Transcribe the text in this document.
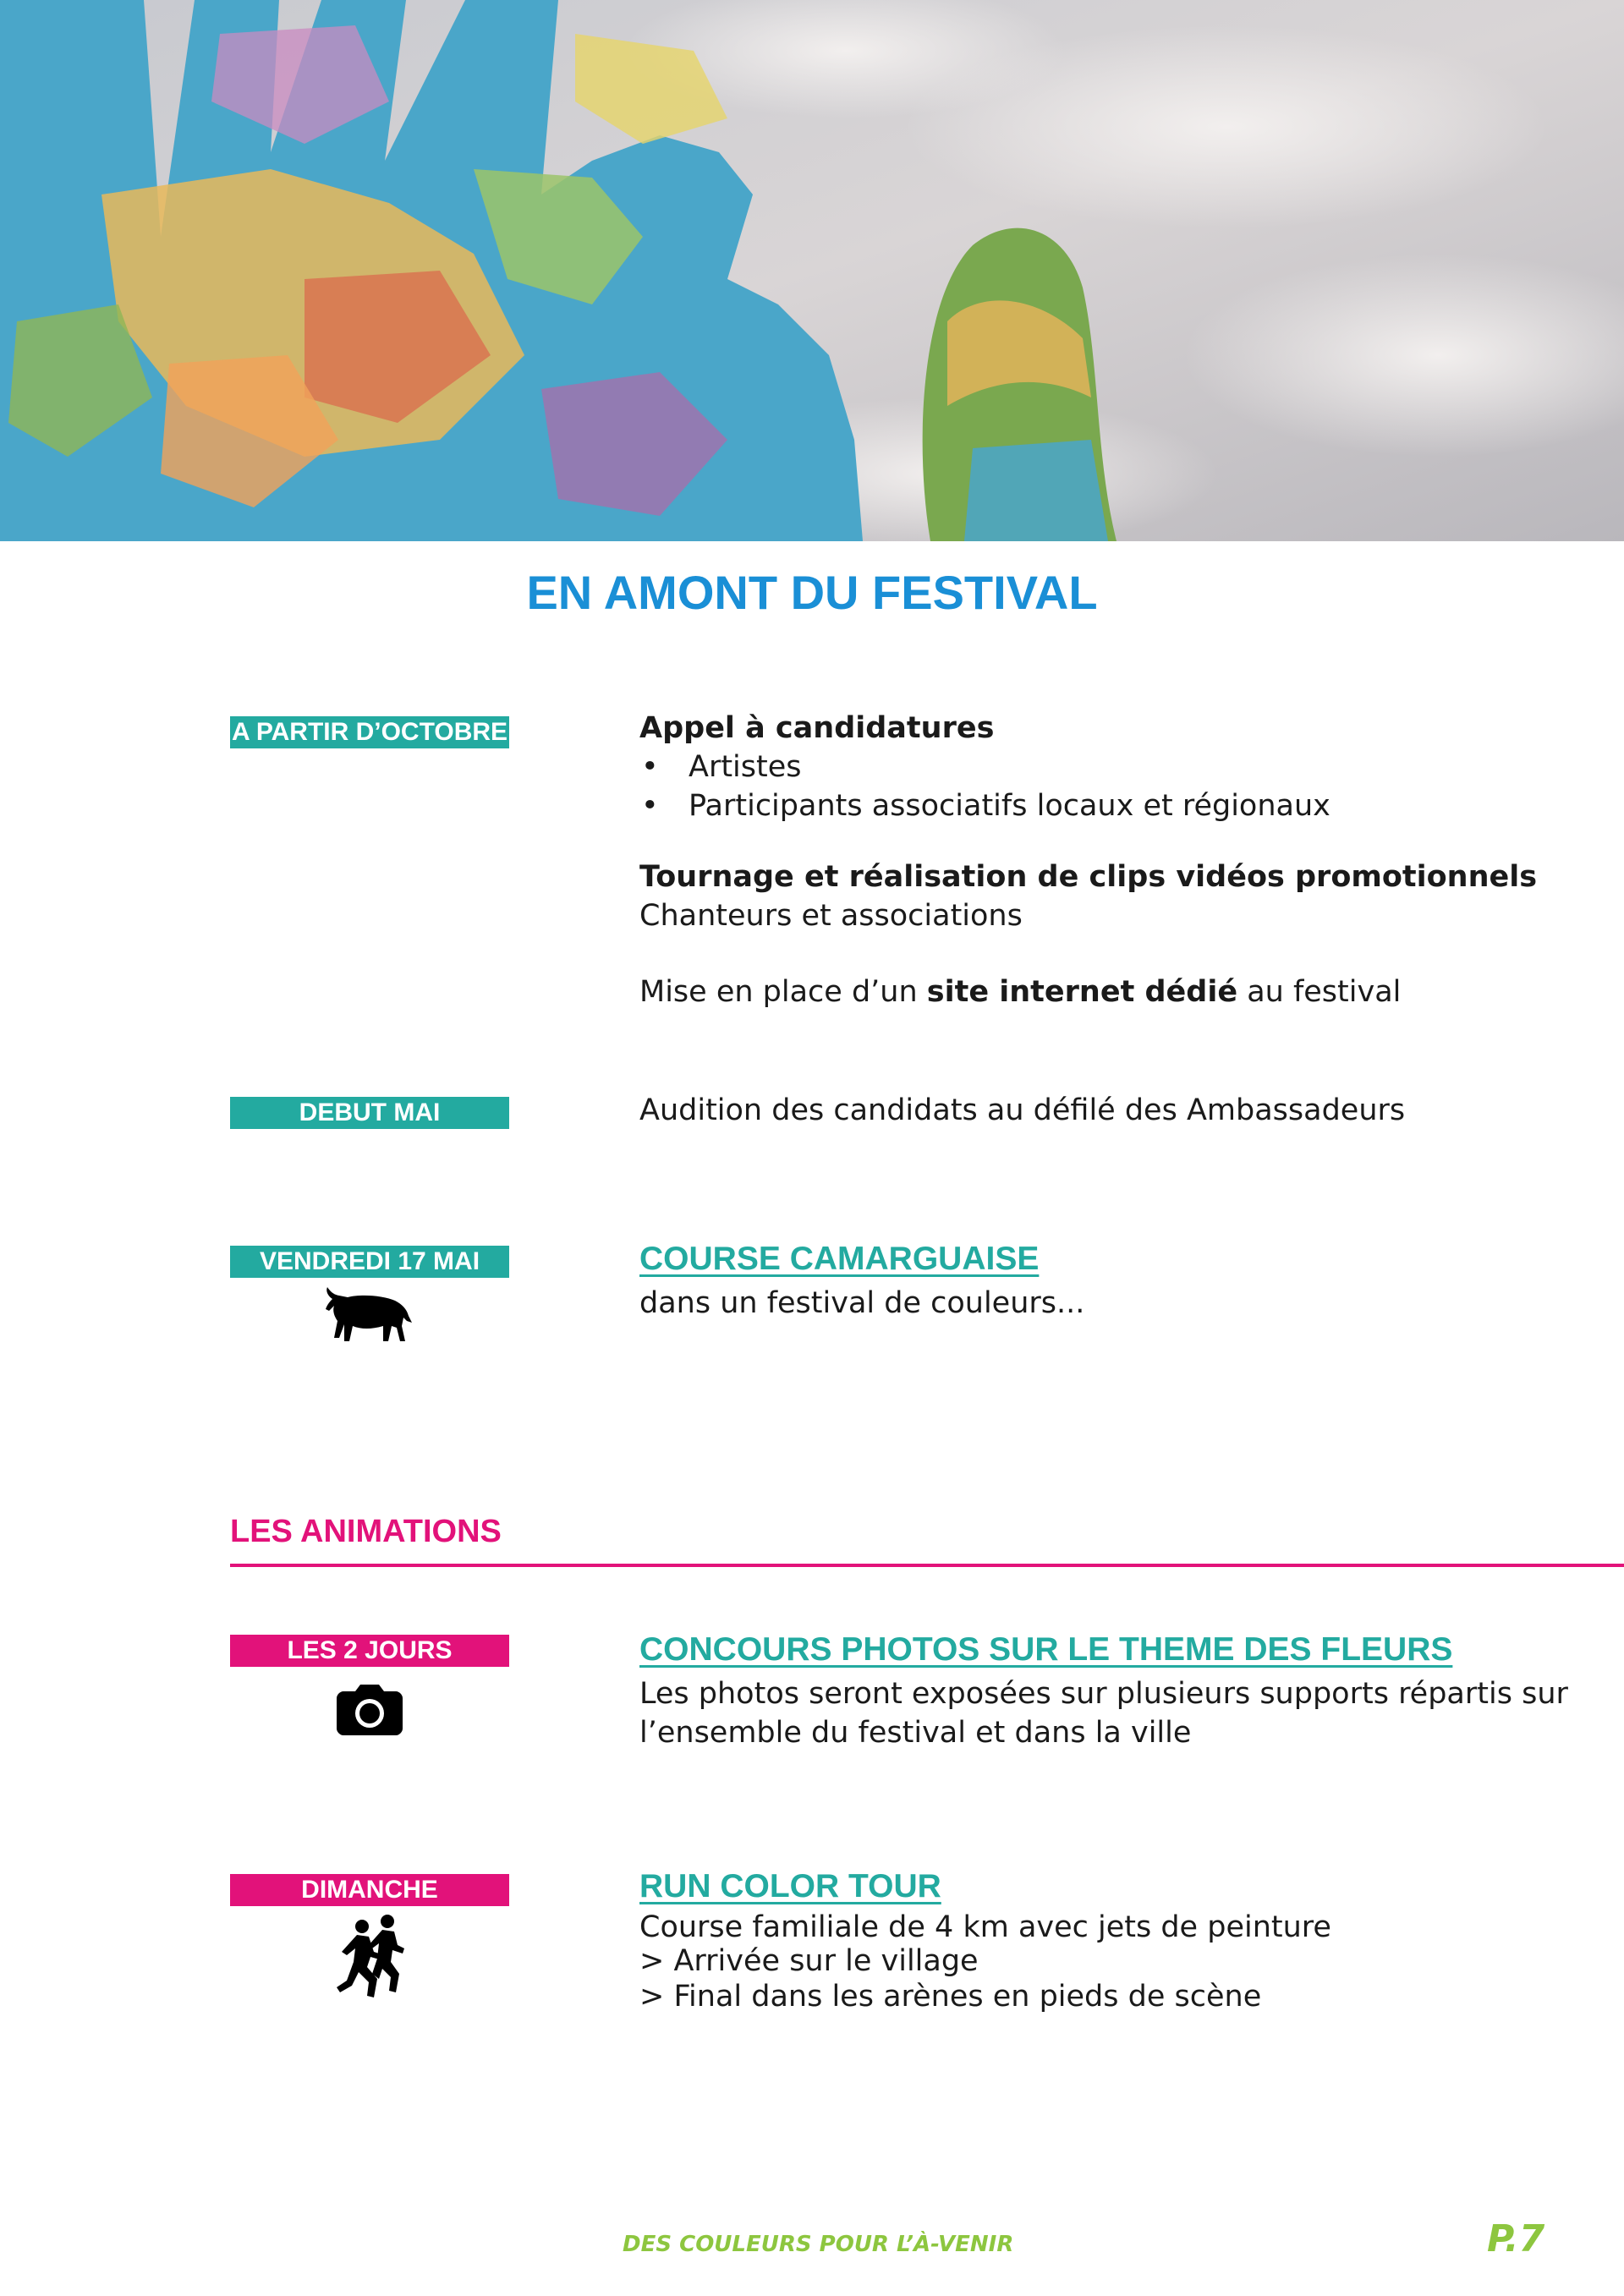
EN AMONT DU FESTIVAL
A PARTIR D’OCTOBRE	Appel à candidatures

• Artistes
• Participants associatifs locaux et régionaux

Tournage et réalisation de clips vidéos promotionnels

Chanteurs et associations

Mise en place d’un site internet dédié au festival

DEBUT MAI	Audition des candidats au défilé des Ambassadeurs

VENDREDI 17 MAI	COURSE CAMARGUAISE

dans un festival de couleurs...

LES ANIMATIONS
LES 2 JOURS	CONCOURS PHOTOS SUR LE THEME DES FLEURS

Les photos seront exposées sur plusieurs supports répartis sur

l’ensemble du festival et dans la ville

DIMANCHE	RUN COLOR TOUR

Course familiale de 4 km avec jets de peinture

> Arrivée sur le village

> Final dans les arènes en pieds de scène

DES COULEURS POUR L’À-VENIR	P.7
